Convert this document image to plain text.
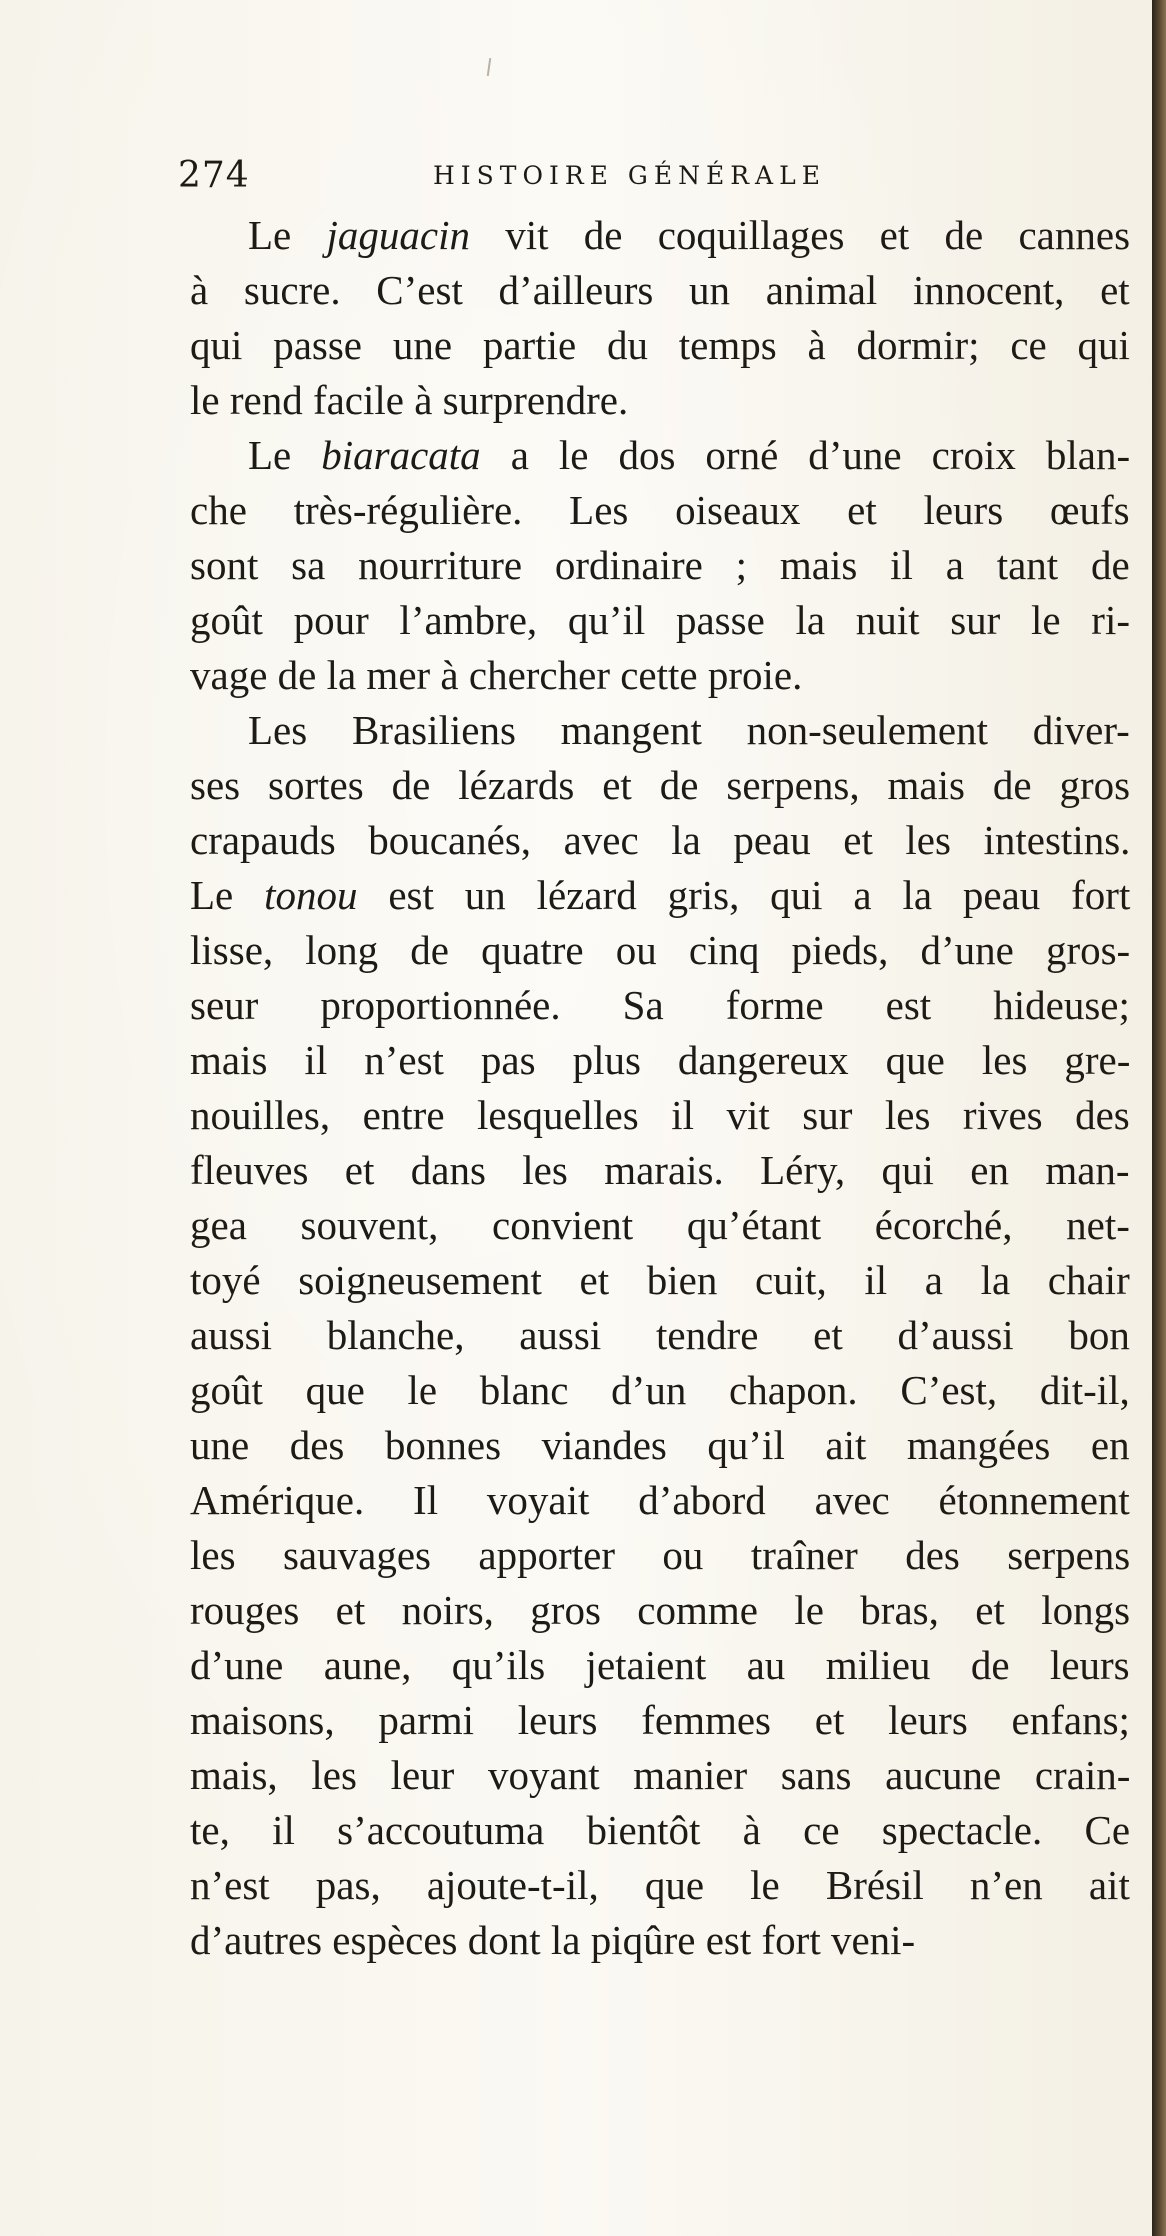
274	HISTOIRE GÉNÉRALE
Le jaguacin vit de coquillages et de cannes
à sucre. C’est d’ailleurs un animal innocent, et
qui passe une partie du temps à dormir; ce qui
le rend facile à surprendre.
Le biaracata a le dos orné d’une croix blan-
che très-régulière. Les oiseaux et leurs œufs
sont sa nourriture ordinaire ; mais il a tant de
goût pour l’ambre, qu’il passe la nuit sur le ri-
vage de la mer à chercher cette proie.
Les Brasiliens mangent non-seulement diver-
ses sortes de lézards et de serpens, mais de gros
crapauds boucanés, avec la peau et les intestins.
Le tonou est un lézard gris, qui a la peau fort
lisse, long de quatre ou cinq pieds, d’une gros-
seur proportionnée. Sa forme est hideuse;
mais il n’est pas plus dangereux que les gre-
nouilles, entre lesquelles il vit sur les rives des
fleuves et dans les marais. Léry, qui en man-
gea souvent, convient qu’étant écorché, net-
toyé soigneusement et bien cuit, il a la chair
aussi blanche, aussi tendre et d’aussi bon
goût que le blanc d’un chapon. C’est, dit-il,
une des bonnes viandes qu’il ait mangées en
Amérique. Il voyait d’abord avec étonnement
les sauvages apporter ou traîner des serpens
rouges et noirs, gros comme le bras, et longs
d’une aune, qu’ils jetaient au milieu de leurs
maisons, parmi leurs femmes et leurs enfans;
mais, les leur voyant manier sans aucune crain-
te, il s’accoutuma bientôt à ce spectacle. Ce
n’est pas, ajoute-t-il, que le Brésil n’en ait
d’autres espèces dont la piqûre est fort veni-
